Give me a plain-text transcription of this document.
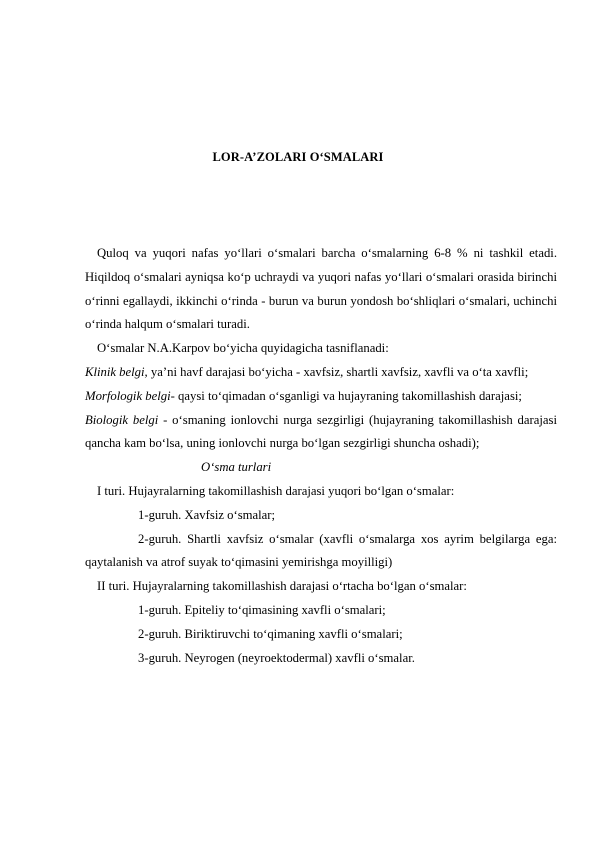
LOR-A’ZOLARI O‘SMALARI

Quloq va yuqori nafas yo‘llari o‘smalari barcha o‘smalarning 6-8 % ni tashkil etadi. Hiqildoq o‘smalari ayniqsa ko‘p uchraydi va yuqori nafas yo‘llari o‘smalari orasida birinchi o‘rinni egallaydi, ikkinchi o‘rinda - burun va burun yondosh bo‘shliqlari o‘smalari, uchinchi o‘rinda halqum o‘smalari turadi.

O‘smalar N.A.Karpov bo‘yicha quyidagicha tasniflanadi:

Klinik belgi, ya’ni havf darajasi bo‘yicha - xavfsiz, shartli xavfsiz, xavfli va o‘ta xavfli;

Morfologik belgi- qaysi to‘qimadan o‘sganligi va hujayraning takomillashish darajasi;

Biologik belgi - o‘smaning ionlovchi nurga sezgirligi (hujayraning takomillashish darajasi qancha kam bo‘lsa, uning ionlovchi nurga bo‘lgan sezgirligi shuncha oshadi);

O‘sma turlari

I turi. Hujayralarning takomillashish darajasi yuqori bo‘lgan o‘smalar:

1-guruh. Xavfsiz o‘smalar;

2-guruh. Shartli xavfsiz o‘smalar (xavfli o‘smalarga xos ayrim belgilarga ega: qaytalanish va atrof suyak to‘qimasini yemirishga moyilligi)

II turi. Hujayralarning takomillashish darajasi o‘rtacha bo‘lgan o‘smalar:

1-guruh. Epiteliy to‘qimasining xavfli o‘smalari;

2-guruh. Biriktiruvchi to‘qimaning xavfli o‘smalari;

3-guruh. Neyrogen (neyroektodermal) xavfli o‘smalar.
